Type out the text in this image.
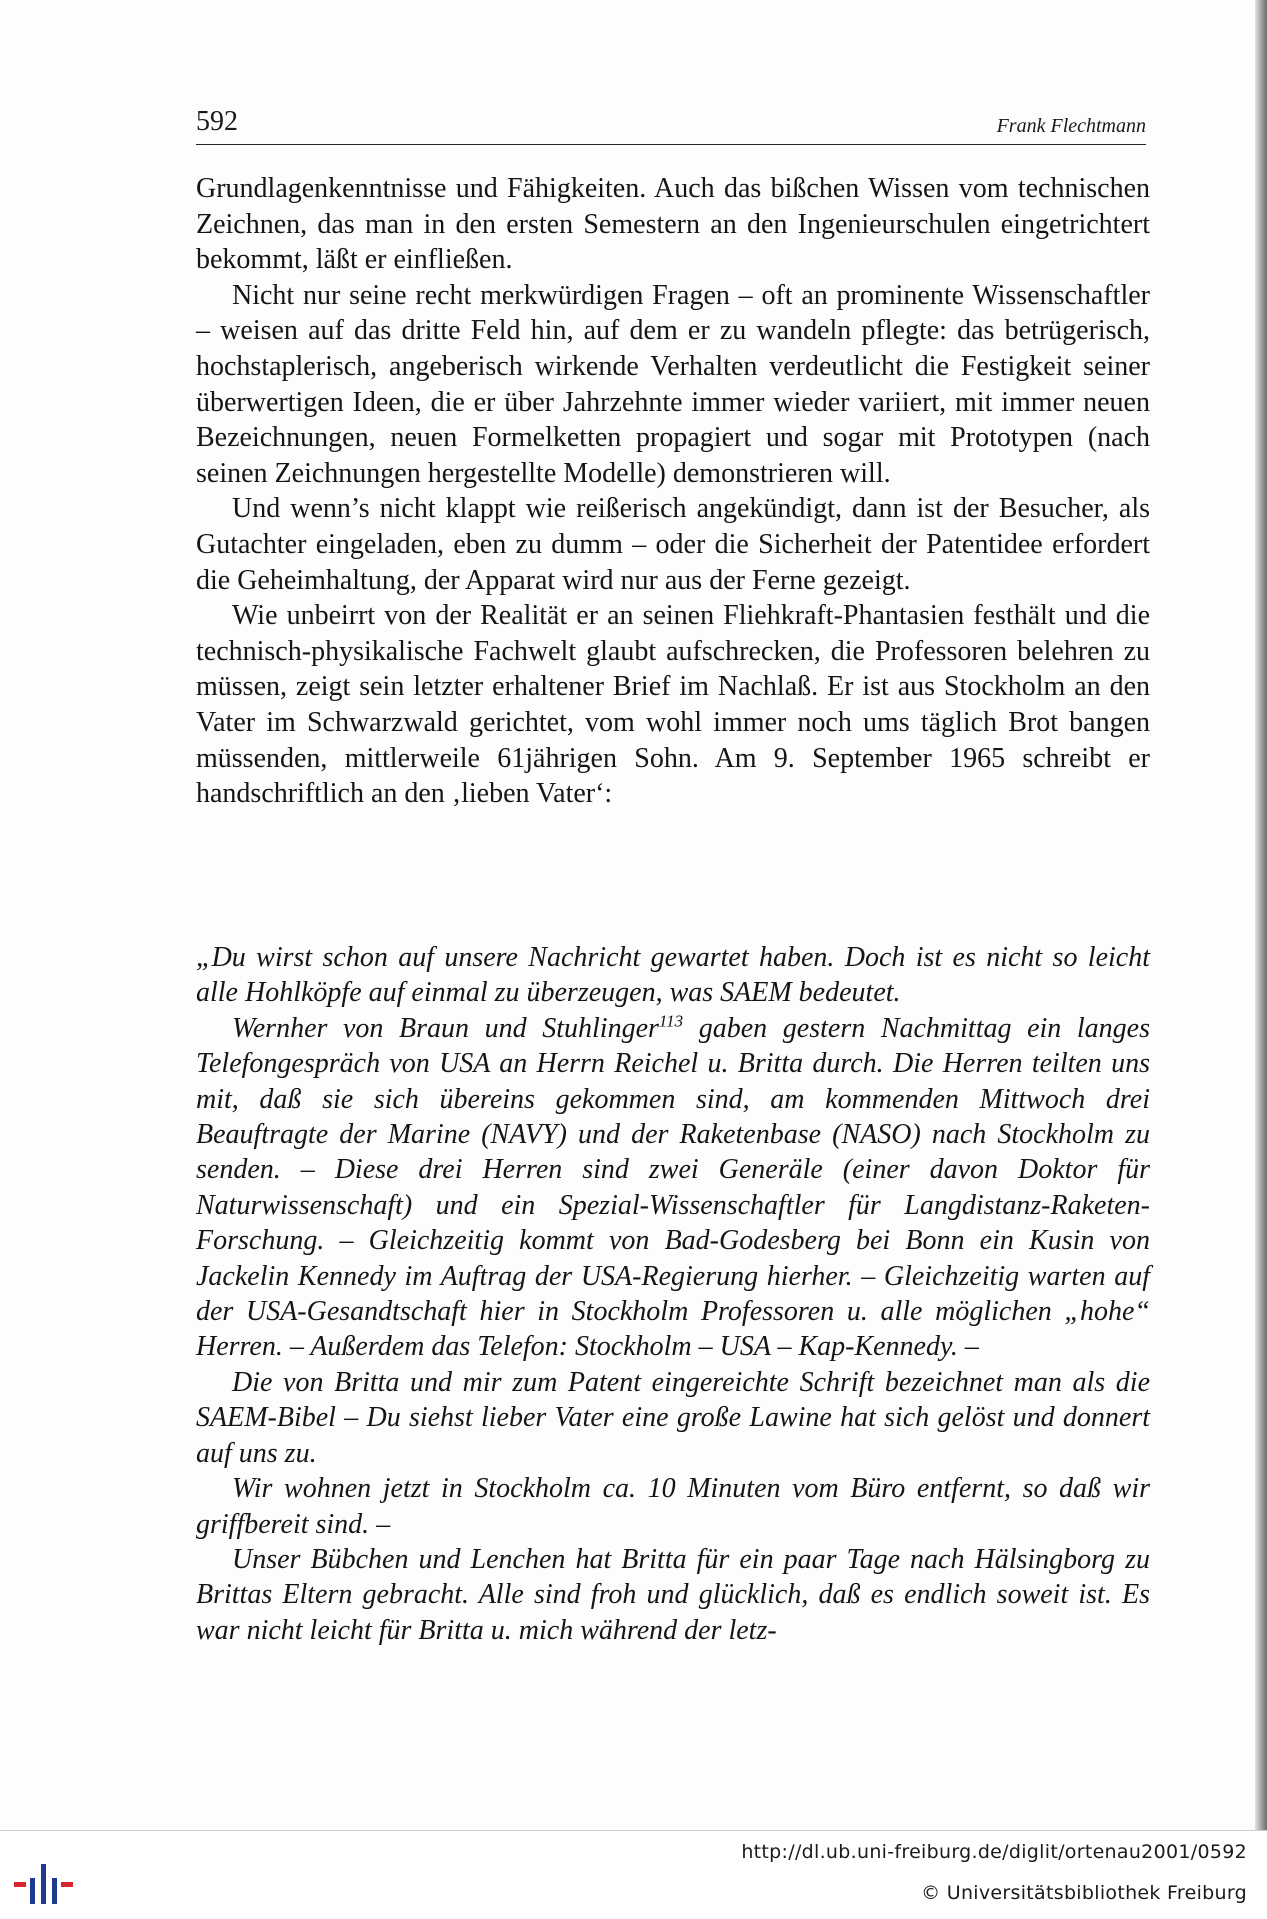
592	Frank Flechtmann

Grundlagenkenntnisse und Fähigkeiten. Auch das bißchen Wissen vom technischen Zeichnen, das man in den ersten Semestern an den Ingenieurschulen eingetrichtert bekommt, läßt er einfließen.

Nicht nur seine recht merkwürdigen Fragen – oft an prominente Wissenschaftler – weisen auf das dritte Feld hin, auf dem er zu wandeln pflegte: das betrügerisch, hochstaplerisch, angeberisch wirkende Verhalten verdeutlicht die Festigkeit seiner überwertigen Ideen, die er über Jahrzehnte immer wieder variiert, mit immer neuen Bezeichnungen, neuen Formelketten propagiert und sogar mit Prototypen (nach seinen Zeichnungen hergestellte Modelle) demonstrieren will.

Und wenn’s nicht klappt wie reißerisch angekündigt, dann ist der Besucher, als Gutachter eingeladen, eben zu dumm – oder die Sicherheit der Patentidee erfordert die Geheimhaltung, der Apparat wird nur aus der Ferne gezeigt.

Wie unbeirrt von der Realität er an seinen Fliehkraft-Phantasien festhält und die technisch-physikalische Fachwelt glaubt aufschrecken, die Professoren belehren zu müssen, zeigt sein letzter erhaltener Brief im Nachlaß. Er ist aus Stockholm an den Vater im Schwarzwald gerichtet, vom wohl immer noch ums täglich Brot bangen müssenden, mittlerweile 61jährigen Sohn. Am 9. September 1965 schreibt er handschriftlich an den ‚lieben Vater‘:

„Du wirst schon auf unsere Nachricht gewartet haben. Doch ist es nicht so leicht alle Hohlköpfe auf einmal zu überzeugen, was SAEM bedeutet.

Wernher von Braun und Stuhlinger$^{113}$ gaben gestern Nachmittag ein langes Telefongespräch von USA an Herrn Reichel u. Britta durch. Die Herren teilten uns mit, daß sie sich übereins gekommen sind, am kommenden Mittwoch drei Beauftragte der Marine (NAVY) und der Raketenbase (NASO) nach Stockholm zu senden. – Diese drei Herren sind zwei Generäle (einer davon Doktor für Naturwissenschaft) und ein Spezial-Wissenschaftler für Langdistanz-Raketen-Forschung. – Gleichzeitig kommt von Bad-Godesberg bei Bonn ein Kusin von Jackelin Kennedy im Auftrag der USA-Regierung hierher. – Gleichzeitig warten auf der USA-Gesandtschaft hier in Stockholm Professoren u. alle möglichen „hohe“ Herren. – Außerdem das Telefon: Stockholm – USA – Kap-Kennedy. –

Die von Britta und mir zum Patent eingereichte Schrift bezeichnet man als die SAEM-Bibel – Du siehst lieber Vater eine große Lawine hat sich gelöst und donnert auf uns zu.

Wir wohnen jetzt in Stockholm ca. 10 Minuten vom Büro entfernt, so daß wir griffbereit sind. –

Unser Bübchen und Lenchen hat Britta für ein paar Tage nach Hälsingborg zu Brittas Eltern gebracht. Alle sind froh und glücklich, daß es endlich soweit ist. Es war nicht leicht für Britta u. mich während der letz-

http://dl.ub.uni-freiburg.de/diglit/ortenau2001/0592
© Universitätsbibliothek Freiburg
